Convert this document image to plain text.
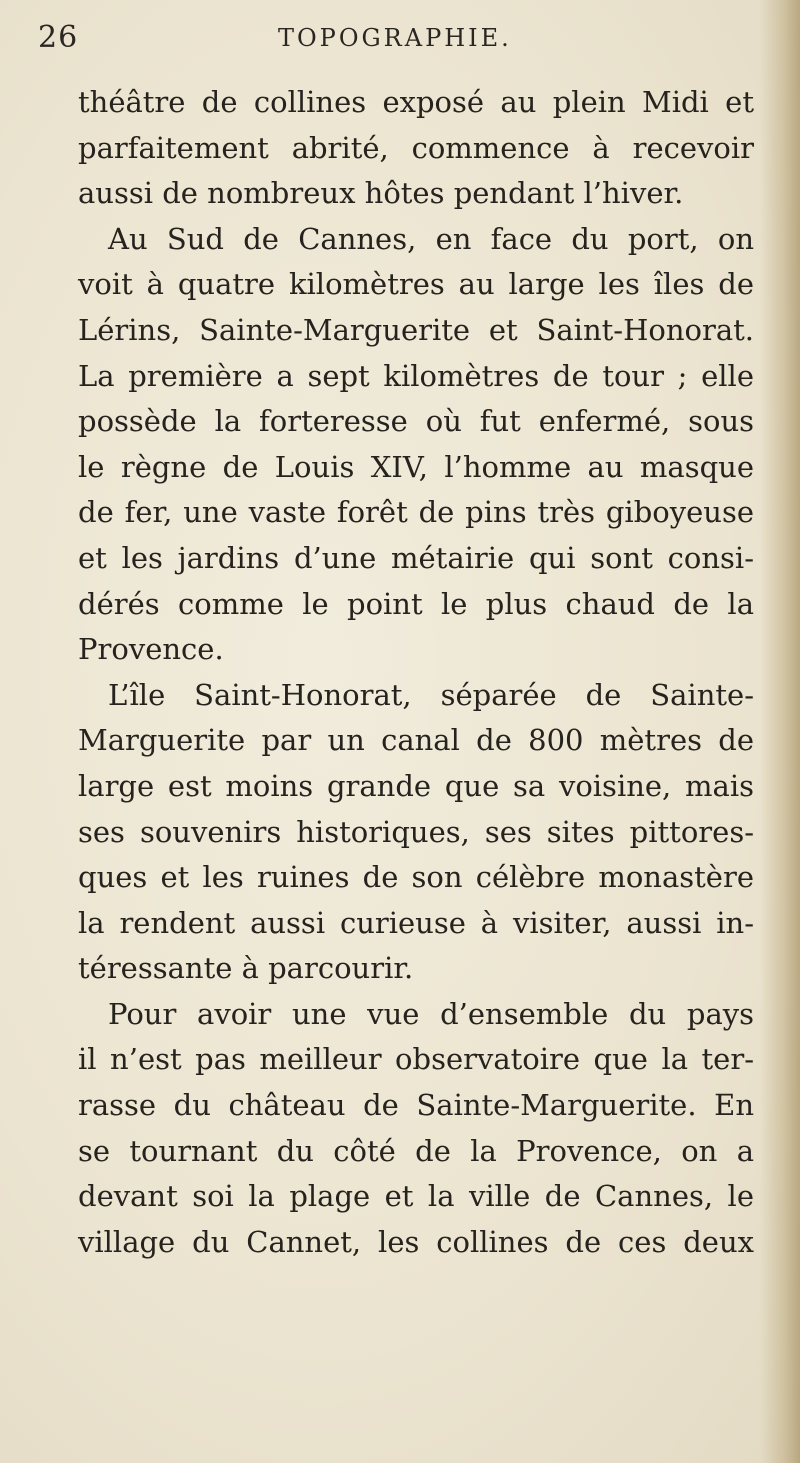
26	TOPOGRAPHIE.
théâtre de collines exposé au plein Midi et
parfaitement abrité, commence à recevoir
aussi de nombreux hôtes pendant l’hiver.
Au Sud de Cannes, en face du port, on
voit à quatre kilomètres au large les îles de
Lérins, Sainte-Marguerite et Saint-Honorat.
La première a sept kilomètres de tour ; elle
possède la forteresse où fut enfermé, sous
le règne de Louis XIV, l’homme au masque
de fer, une vaste forêt de pins très giboyeuse
et les jardins d’une métairie qui sont consi-
dérés comme le point le plus chaud de la
Provence.
L’île Saint-Honorat, séparée de Sainte-
Marguerite par un canal de 800 mètres de
large est moins grande que sa voisine, mais
ses souvenirs historiques, ses sites pittores-
ques et les ruines de son célèbre monastère
la rendent aussi curieuse à visiter, aussi in-
téressante à parcourir.
Pour avoir une vue d’ensemble du pays
il n’est pas meilleur observatoire que la ter-
rasse du château de Sainte-Marguerite. En
se tournant du côté de la Provence, on a
devant soi la plage et la ville de Cannes, le
village du Cannet, les collines de ces deux
